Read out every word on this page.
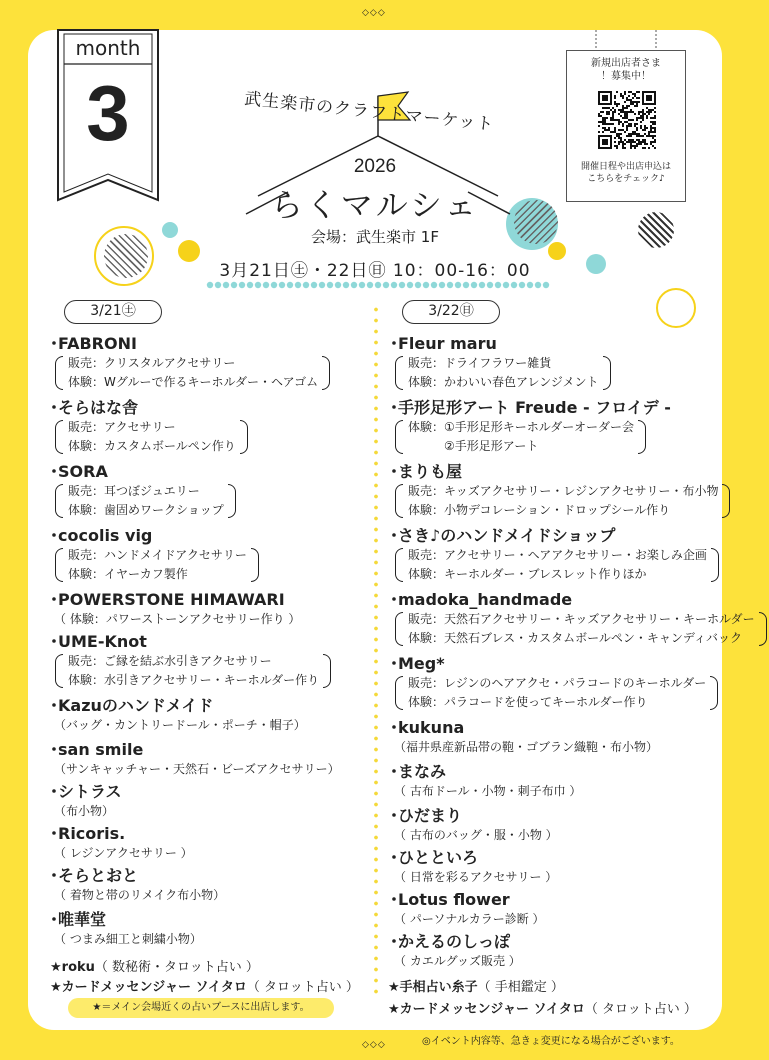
◇◇◇
◇◇◇
month
3	武生楽市のクラフトマーケット
2026
らくマルシェ
会場：武生楽市 1F
3月21日㊏・22日㊐ 10：00-16：00
新規出店者さま
！募集中！
開催日程や出店申込は
こちらをチェック♪
3/21㊏	3/22㊐
・FABRONI
販売：クリスタルアクセサリー
体験：Wグルーで作るキーホルダー・ヘアゴム
・そらはな舎
販売：アクセサリー
体験：カスタムボールペン作り
・SORA
販売：耳つぼジュエリー
体験：歯固めワークショップ
・cocolis vig
販売：ハンドメイドアクセサリー
体験：イヤーカフ製作
・POWERSTONE HIMAWARI
（ 体験：パワーストーンアクセサリー作り ）
・UME-Knot
販売：ご縁を結ぶ水引きアクセサリー
体験：水引きアクセサリー・キーホルダー作り
・Kazuのハンドメイド
（バッグ・カントリードール・ポーチ・帽子）
・san smile
（サンキャッチャー・天然石・ビーズアクセサリー）
・シトラス
（布小物）
・Ricoris.
（ レジンアクセサリー ）
・そらとおと
（ 着物と帯のリメイク布小物）
・唯華堂
（ つまみ細工と刺繍小物）
・Fleur maru
販売：ドライフラワー雑貨
体験：かわいい春色アレンジメント
・手形足形アート Freude - フロイデ -
体験：①手形足形キーホルダーオーダー会
　　　②手形足形アート
・まりも屋
販売：キッズアクセサリー・レジンアクセサリー・布小物
体験：小物デコレーション・ドロップシール作り
・さき♪のハンドメイドショップ
販売：アクセサリー・ヘアアクセサリー・お楽しみ企画
体験：キーホルダー・ブレスレット作りほか
・madoka_handmade
販売：天然石アクセサリー・キッズアクセサリー・キーホルダー
体験：天然石ブレス・カスタムボールペン・キャンディバック
・Meg*
販売：レジンのヘアアクセ・パラコードのキーホルダー
体験：パラコードを使ってキーホルダー作り
・kukuna
（福井県産新品帯の鞄・ゴブラン織鞄・布小物）
・まなみ
（ 古布ドール・小物・刺子布巾 ）
・ひだまり
（ 古布のバッグ・服・小物 ）
・ひとといろ
（ 日常を彩るアクセサリー ）
・Lotus flower
（ パーソナルカラー診断 ）
・かえるのしっぽ
（ カエルグッズ販売 ）
★roku（ 数秘術・タロット占い ）
★カードメッセンジャー ソイタロ（ タロット占い ）
★＝メイン会場近くの占いブースに出店します。
★手相占い糸子（ 手相鑑定 ）
★カードメッセンジャー ソイタロ（ タロット占い ）
◎イベント内容等、急きょ変更になる場合がございます。
